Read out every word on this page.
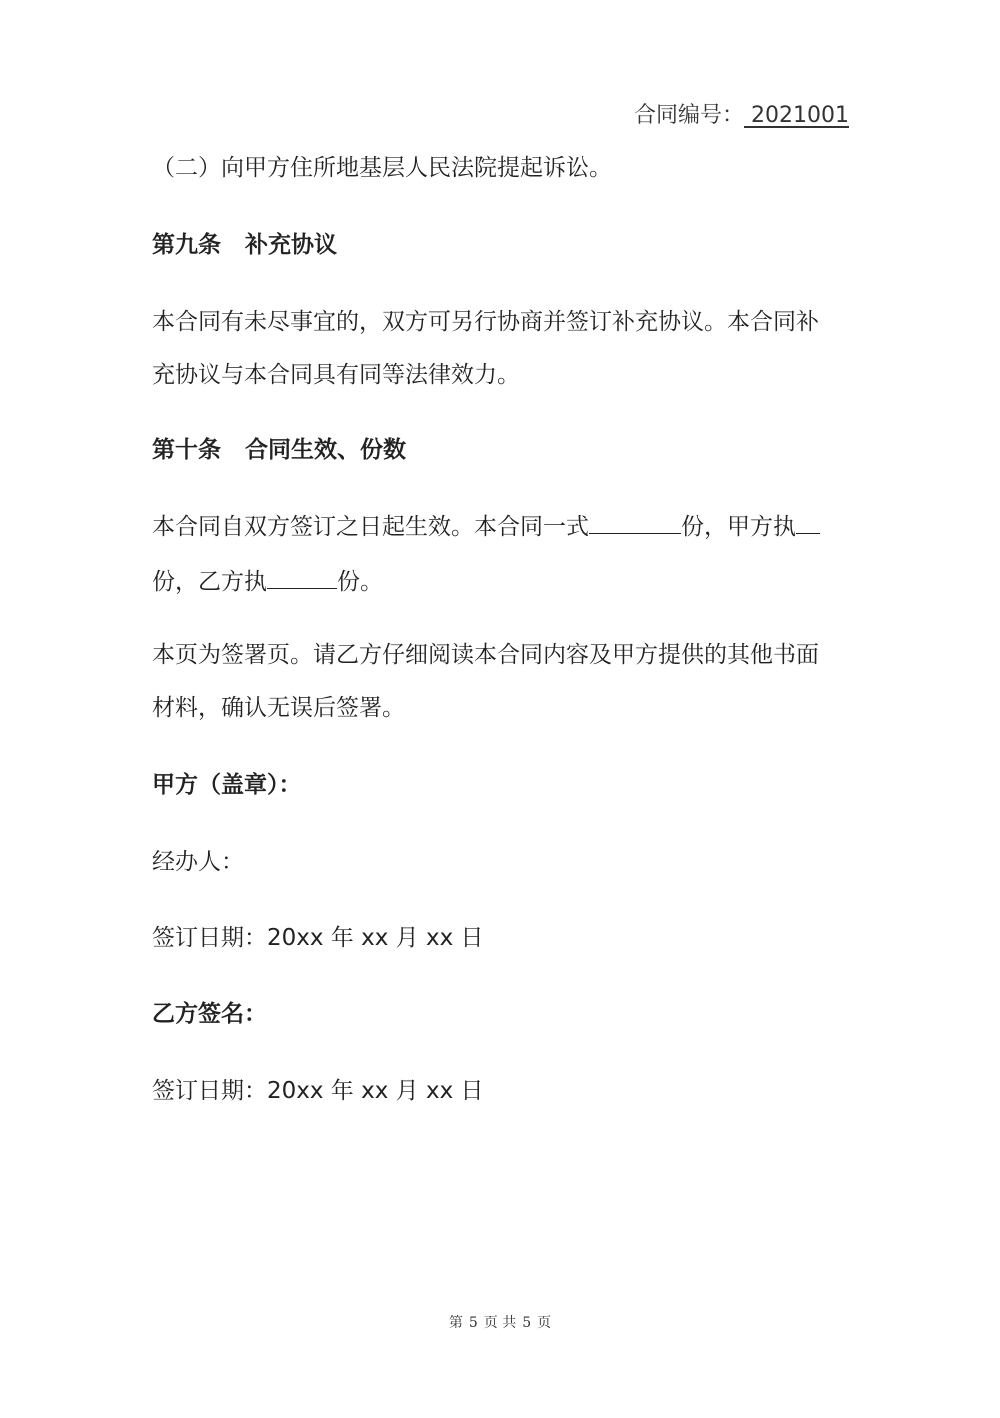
合同编号： 2021001
（二）向甲方住所地基层人民法院提起诉讼。
第九条 补充协议
本合同有未尽事宜的，双方可另行协商并签订补充协议。本合同补
充协议与本合同具有同等法律效力。
第十条 合同生效、份数
本合同自双方签订之日起生效。本合同一式	份，甲方执
份，乙方执	份。
本页为签署页。请乙方仔细阅读本合同内容及甲方提供的其他书面
材料，确认无误后签署。
甲方（盖章）：
经办人：
签订日期：20xx 年 xx 月 xx 日
乙方签名：
签订日期：20xx 年 xx 月 xx 日
第 5 页 共 5 页
